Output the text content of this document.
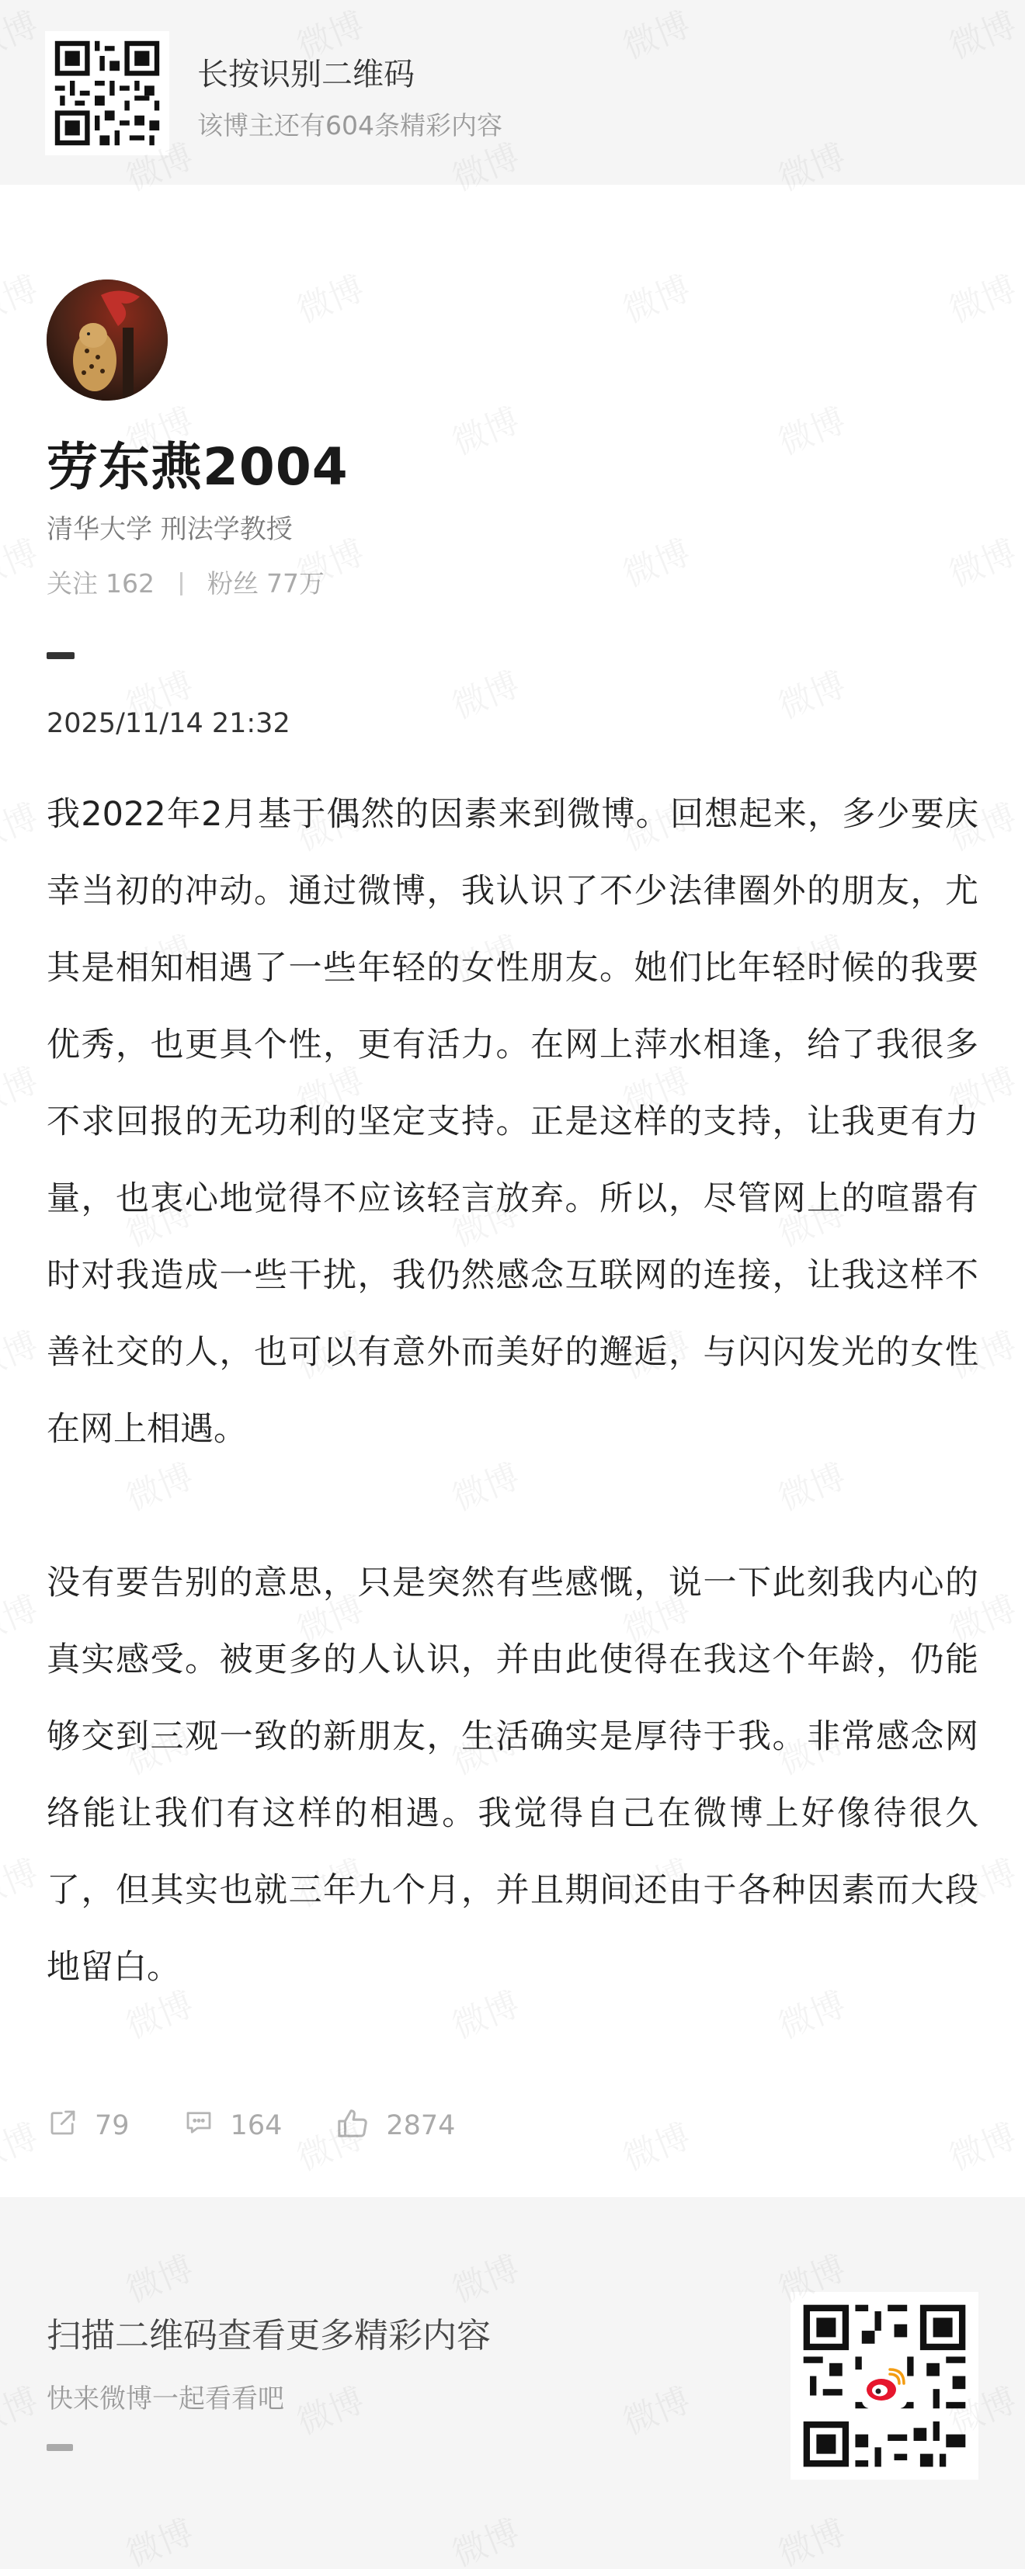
长按识别二维码
该博主还有604条精彩内容
劳东燕2004
清华大学 刑法学教授
关注 162 粉丝 77万
2025/11/14 21:32

我2022年2月基于偶然的因素来到微博。回想起来，多少要庆幸当初的冲动。通过微博，我认识了不少法律圈外的朋友，尤其是相知相遇了一些年轻的女性朋友。她们比年轻时候的我要优秀，也更具个性，更有活力。在网上萍水相逢，给了我很多不求回报的无功利的坚定支持。正是这样的支持，让我更有力量，也衷心地觉得不应该轻言放弃。所以，尽管网上的喧嚣有时对我造成一些干扰，我仍然感念互联网的连接，让我这样不善社交的人，也可以有意外而美好的邂逅，与闪闪发光的女性在网上相遇。

没有要告别的意思，只是突然有些感慨，说一下此刻我内心的真实感受。被更多的人认识，并由此使得在我这个年龄，仍能够交到三观一致的新朋友，生活确实是厚待于我。非常感念网络能让我们有这样的相遇。我觉得自己在微博上好像待很久了，但其实也就三年九个月，并且期间还由于各种因素而大段地留白。

79	164	2874
扫描二维码查看更多精彩内容
快来微博一起看看吧
